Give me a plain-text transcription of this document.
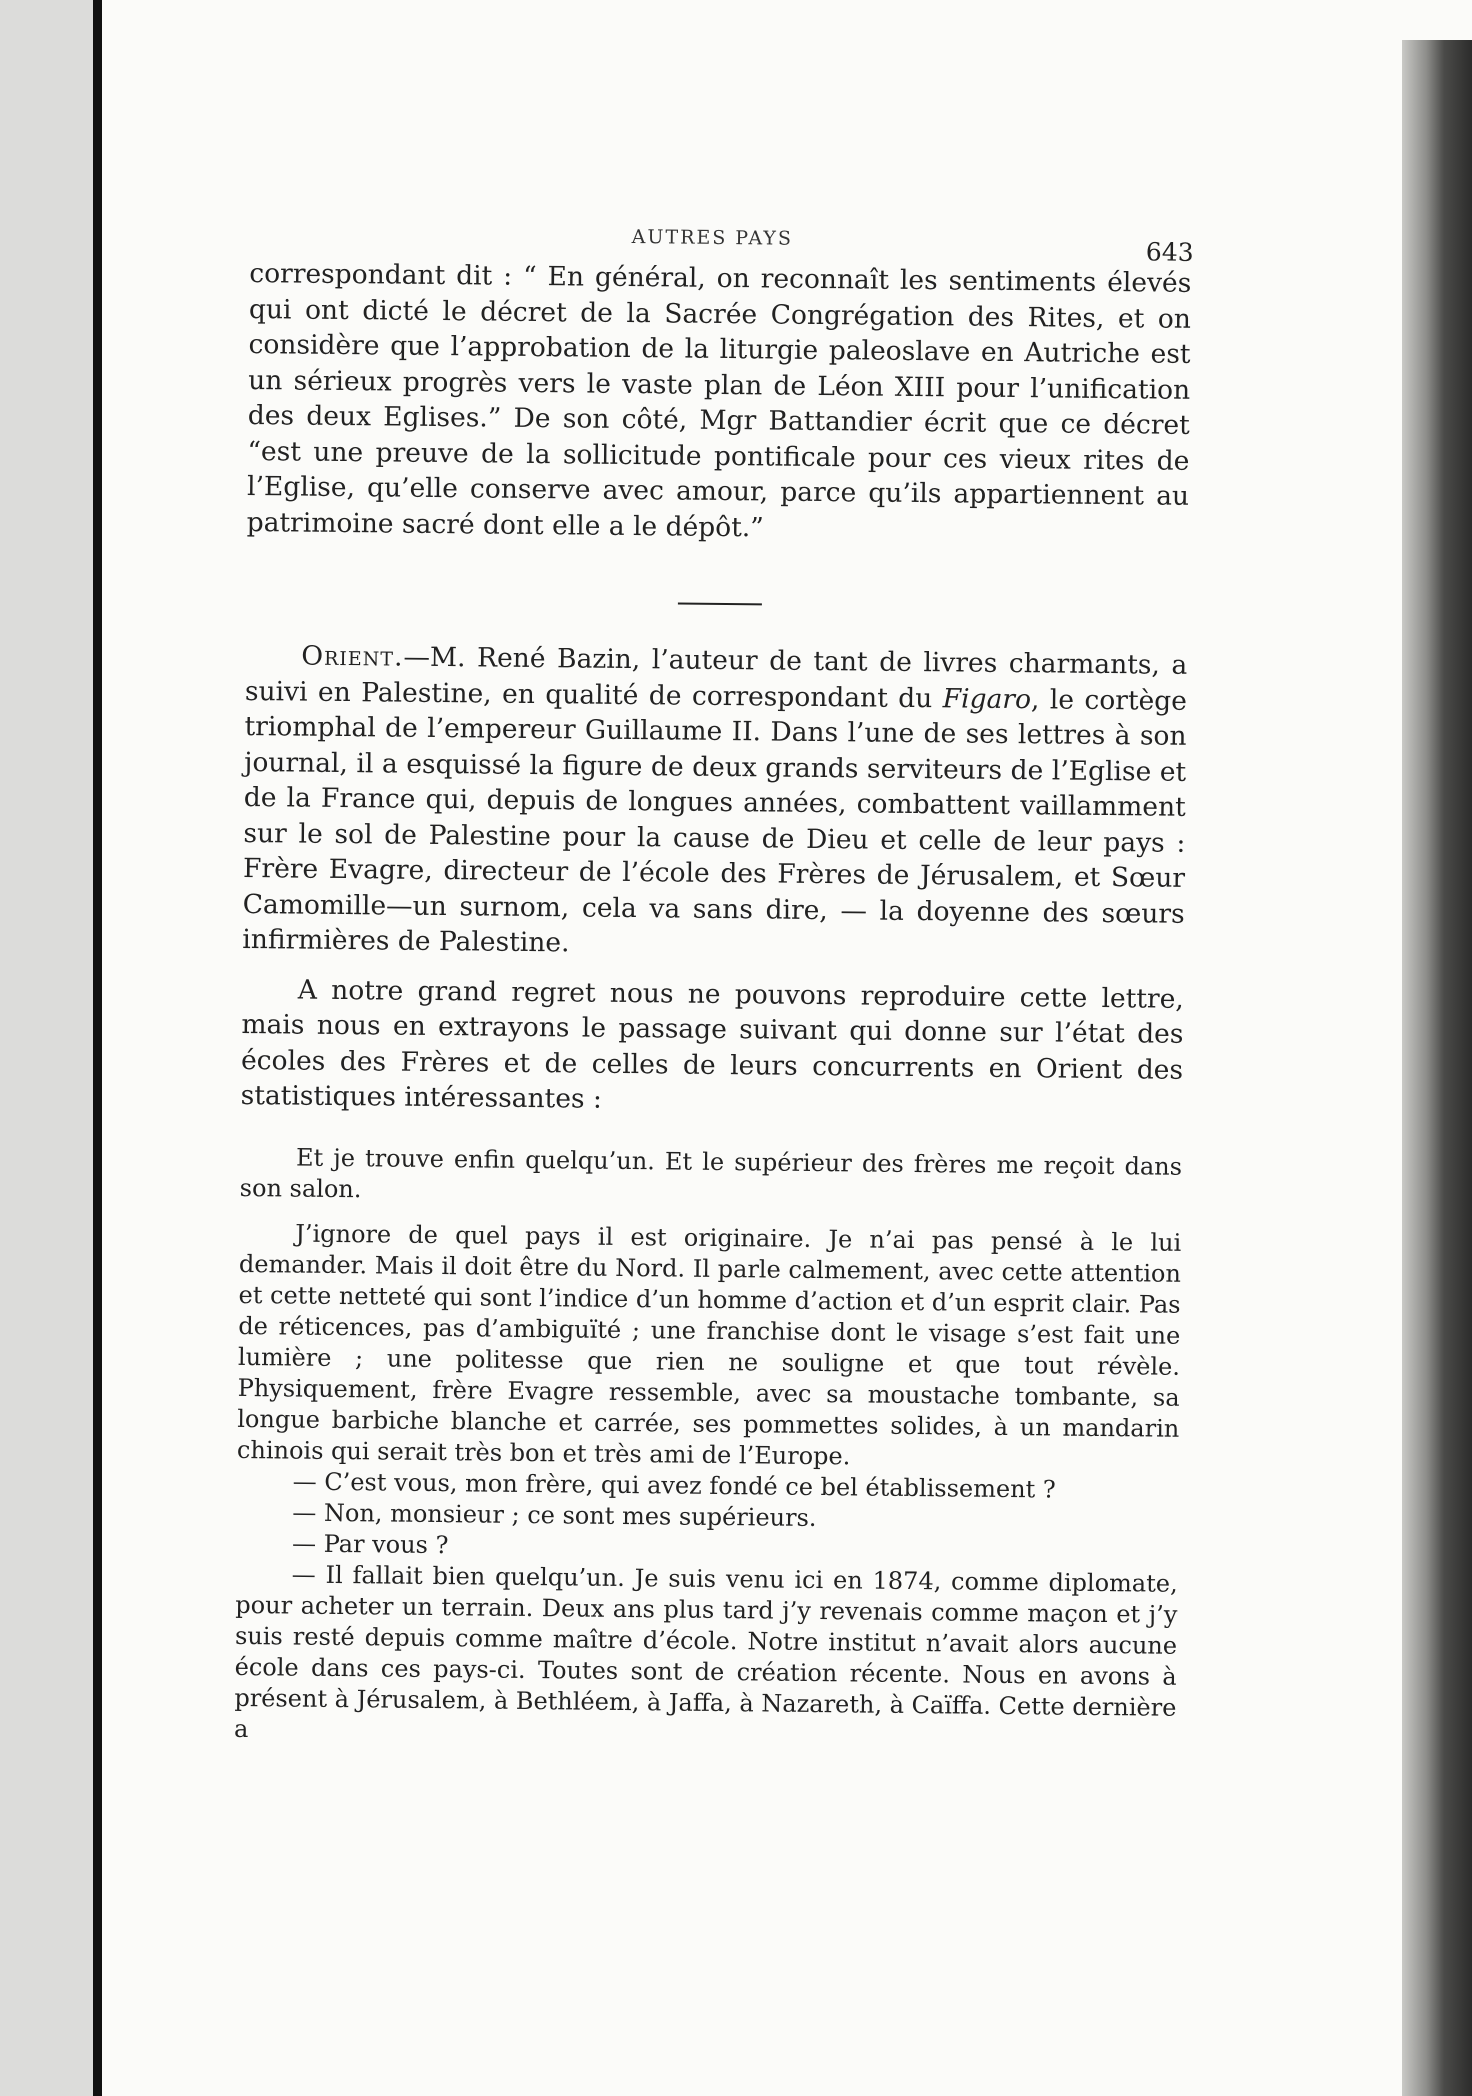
AUTRES PAYS	643

correspondant dit : “ En général, on reconnaît les sentiments élevés qui ont dicté le décret de la Sacrée Congrégation des Rites, et on considère que l’approbation de la liturgie paleoslave en Autriche est un sérieux progrès vers le vaste plan de Léon XIII pour l’unification des deux Eglises.” De son côté, Mgr Battandier écrit que ce décret “est une preuve de la sollicitude pontificale pour ces vieux rites de l’Eglise, qu’elle conserve avec amour, parce qu’ils appartiennent au patrimoine sacré dont elle a le dépôt.”

Orient.—M. René Bazin, l’auteur de tant de livres charmants, a suivi en Palestine, en qualité de correspondant du Figaro, le cortège triomphal de l’empereur Guillaume II. Dans l’une de ses lettres à son journal, il a esquissé la figure de deux grands serviteurs de l’Eglise et de la France qui, depuis de longues années, combattent vaillamment sur le sol de Palestine pour la cause de Dieu et celle de leur pays : Frère Evagre, directeur de l’école des Frères de Jérusalem, et Sœur Camomille—un surnom, cela va sans dire, — la doyenne des sœurs infirmières de Palestine.

A notre grand regret nous ne pouvons reproduire cette lettre, mais nous en extrayons le passage suivant qui donne sur l’état des écoles des Frères et de celles de leurs concurrents en Orient des statistiques intéressantes :

Et je trouve enfin quelqu’un. Et le supérieur des frères me reçoit dans son salon.

J’ignore de quel pays il est originaire. Je n’ai pas pensé à le lui demander. Mais il doit être du Nord. Il parle calmement, avec cette attention et cette netteté qui sont l’indice d’un homme d’action et d’un esprit clair. Pas de réticences, pas d’ambiguïté ; une franchise dont le visage s’est fait une lumière ; une politesse que rien ne souligne et que tout révèle. Physiquement, frère Evagre ressemble, avec sa moustache tombante, sa longue barbiche blanche et carrée, ses pommettes solides, à un mandarin chinois qui serait très bon et très ami de l’Europe.

— C’est vous, mon frère, qui avez fondé ce bel établissement ?

— Non, monsieur ; ce sont mes supérieurs.

— Par vous ?

— Il fallait bien quelqu’un. Je suis venu ici en 1874, comme diplomate, pour acheter un terrain. Deux ans plus tard j’y revenais comme maçon et j’y suis resté depuis comme maître d’école. Notre institut n’avait alors aucune école dans ces pays-ci. Toutes sont de création récente. Nous en avons à présent à Jérusalem, à Bethléem, à Jaffa, à Nazareth, à Caïffa. Cette dernière a
